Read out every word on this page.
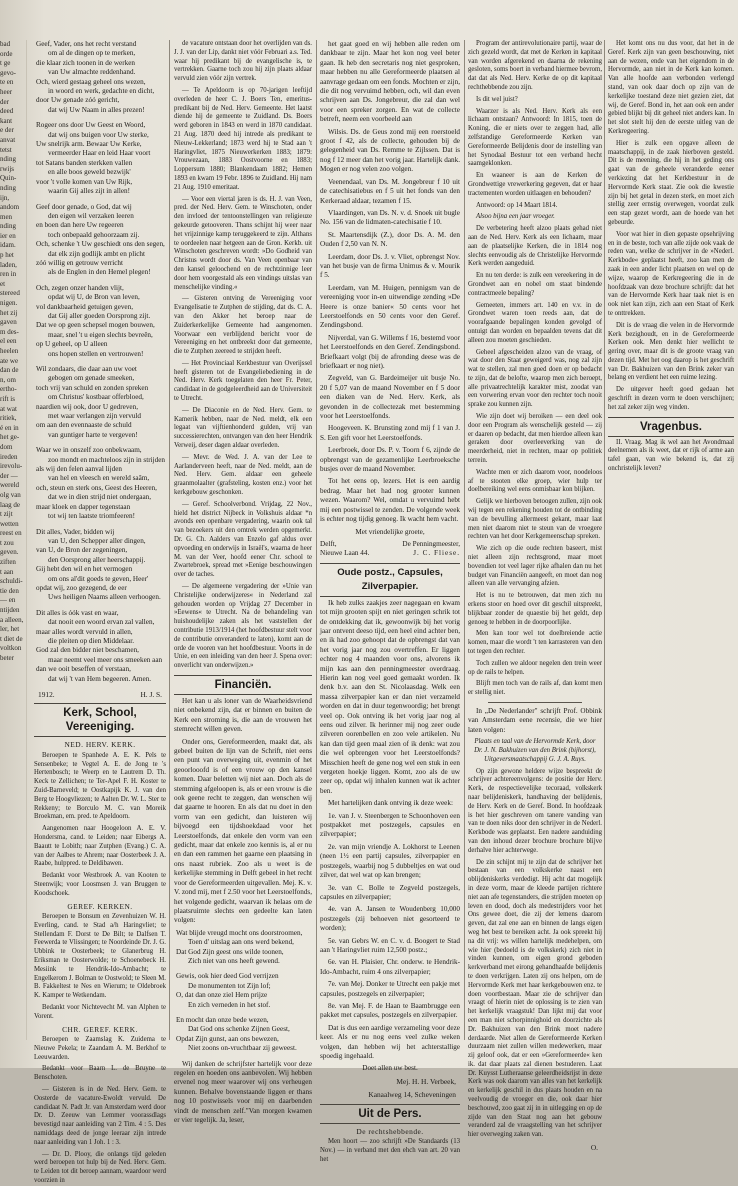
bad
orde
t ge
gevo-
te en
heer
der
deed
kant
e der
anvat
tetst
nding
rwijs
Quin-
nding
ijn,
andom
men
nding
ier en
idam.
p het
laden,
ren in
et
stereed
nigen.
het zij
gaven
m des-
el een
heelen
ate we
dan de
n, om
ertho-
rift is
at wat
ritiek,
é en in
het ge-
dom
ireden
irevolu-
der —
wereld
olg van
laag de
t zijt
wetten
reest en
t zou
geven.
ziften
t aan
schuldi-
tie den
— en
ntijden
a alleen,
ler, het
t diet de
voltkon
beter
Geef, Vader, ons het recht verstand
om al de dingen op te merken,
die klaar zich toonen in de werken
van Uw almachte reddenhand.
Och, wierd gestaag geheel ons wezen,
in woord en werk, gedachte en dicht,
door Uw genade zóó gericht,
dat wij Uw Naam in alles prezen!
Rogeer ons door Uw Geest en Woord,
dat wij ons buigen voor Uw sterke,
Uw snelrijk arm. Bewaar Uw Kerke,
vermeerder Haar en leid Haar voort
tot Satans banden sterkken vallen
en alle boos geweld bezwijk'
voor 't volle komen van Uw Rijk,
waarin Gij alles zijt in allen!
Geef door genade, o God, dat wij
den eigen wil verzaken leeren
en boen dan here Uw regeeren
toch onbepaald gehoorzaam zij.
Och, schenke 't Uw geschiedt ons den segen,
dat elk zijn godlijk ambt en plicht
zóó willig en getrouw verricht
als de Englen in den Hemel plegen!
Och, zegen onzer handen vlijt,
opdat wij U, de Bron van leven,
vol dankbaarheid getuigen geven,
dat Gij aller goeden Oorsprong zijt.
Dat we op geen schepsel mogen bouwen,
maar, snel 't u eigen slechts bevreên,
op U geheel, op U alleen
ons hopen stellen en vertrouwen!
Wil zondaars, die daar aan uw voet
gebogen om genade smeeken,
toch vrij van schuld en zonden spreken
om Christus' kostbaar offerbloed,
naardien wij ook, door U gedreven,
met waar verlangen zijn vervuld
om aan den evennaaste de schuld
van guntiger harte te vergeven!
Waar we in onszelf zoo onbekwaam,
zoo mondt en machteloos zijn in strijden
als wij den felen aanval lijden
van hel en vleesch en wereld saâm,
och, steun en sterk ons, Geest des Heeren,
dat we in dien strijd niet ondergaan,
maar kloek en dapper tegenstaan
tot wij ten laatste triomfeeren!
Dit alles, Vader, bidden wij
van U, den Schepper aller dingen,
van U, de Bron der zegeningen,
den Oorsprong aller heerschappij.
Gij hebt den wil en het vermogen
om ons al'dit goeds te geven, Heer'
opdat wij, zoo gezegend, de eer
Uws heiligen Naams alleen verhoogen.
Dit alles is óók vast en waar,
dat nooit een woord ervan zal vallen,
maar alles wordt vervuld in allen,
die pleiten op dien Middelaar.
God zal den bidder niet beschamen,
maar neemt veel meer ons smeeken aan
dan we ooit beseffen of verstaan,
dat wij 't van Hem begeeren. Amen.
1912.	H. J. S.
Kerk, School, Vereeniging.
NED. HERV. KERK.

Beroepen te Spanhede A. E. K. Pels te Sensenbeke; te Vegtel A. E. de Jong te 's Hertenbosch; te Weerp en te Lautrem D. Th. Keck te Zellichen; te Ter-Apel F. H. Koster te Zuid-Barneveld; te Oostkapijk K. J. van den Berg te Hoogvliezen; te Aalten Dr. W. L. Ster te Rekkeny; te Borculo M. C. van Moreik Broekman, em. pred. te Apeldoorn.

Aangenomen naar Hoogeloon A. E. V. Hondersma, cand. te Leiden; naar Eibergs A. Baautt te Lobith; naar Zutphen (Evang.) C. A. van der Aalbes te Ahrem; naar Oosterbeek J. A. Raabe, hulppred. te Deldibawen.

Bedankt voor Westbroek A. van Kooten te Steenwijk; voor Loosmsen J. van Bruggen te Koodschoek.

GEREF. KERKEN.

Beroepen te Bonsum en Zevenhuizen W. H. Everling, cand. te Stad a/h Haringvliet; te Stellendam F. Dorst te De Bilt; te Dalfsen T. Feewerda te Vlissingen; te Noordeinde Dr. J. G. Ubbink te Oosterbeek; te Glanerbrug H. Eriksman te Oosterwolde; te Schoenebeck H. Mesiink te Hendrik-Ido-Ambacht; te Engelkerom J. Bolman te Oostwold; te Sleen M. B. Fakkeltest te Nes en Wierum; te Oldebroek K. Kamper te Wetkendam.

Bedankt voor Nichtevecht M. van Alphen te Vorent.

CHR. GEREF. KERK.

Beroepen te Zaamslag K. Zuidema te Nieuwe Pekela; te Zaandam A. M. Berkhof te Leeuwarden.

Bedankt voor Baarn L. de Bruyne te Benschoten.

— Gisteren is in de Ned. Herv. Gem. te Oosterde de vacature-Ewoldt vervuld. De candidaat N. Padt Jr. van Amsterdam werd door Dr. D. Zeeuw van Lemmer voorassdlags bevestigd naar aanleiding van 2 Tim. 4 : 5. Des namiddags deed de jonge leeraar zijn intrede naar aanleiding van 1 Joh. 1 : 3.

— Dr. D. Plooy, die onlangs tijd geleden werd beroepen tot hulp bij de Ned. Herv. Gem. te Leiden tot dit beroep aannam, waardoor werd voorzien in

de vacature ontstaan door het overlijden van ds. J. J. van der Lip, dankt niet vóór Februari a.s. Ted. waar hij predikant bij de evangelische is, te vertrekken. Gaarne toch zou hij zijn plaats aldaar vervuld zien vóór zijn vertrek.

— Te Apeldoorn is op 70-jarigen leeftijd overleden de heer C. J. Boers Ten, emeritus-predikant bij de Ned. Herv. Gemeente. Het laatst diende hij de gemeente te Zuidland. Ds. Boers werd geboren in 1843 en werd in 1870 candidaat. 21 Aug. 1870 deed hij intrede als predikant te Nieuw-Lekkerland; 1873 werd hij te Stad aan 't Haringvliet, 1875 Nieuwerkerken 1883; 1879: Vrouwezaan, 1883 Oostvoorne en 1883; Loppersum 1880; Blankendaam 1882; Hemen 1893 en kwam 19 Febr. 1896 te Zuidland. Hij nam 21 Aug. 1910 emeritaat.

— Voor een viertal jaren is ds. H. J. van Veen, pred. der Ned. Herv. Gem. te Winschoten, onder den invloed der tentoonstellingen van religieuze gekeurde getooveren. Thans schijnt hij weer naar het vrijzinnige kamp teruggekeerd te zijn. Althans te oordeelen naar hetgeen aan de Gron. Kerkb. uit Winschoten geschreven wordt: »Do Godheid van Christus wordt door ds. Van Veen openbaar van den kansel geloochend en de rechtzinnige leer door hem voorgestald als een vindings uitslas van menschelijke vinding.«

— Gisteren ontving de Vereeniging voor Evangelisatie te Zutphen de stijding, dat ds. C. A. van den Akker het beroep naar de Zuiderkerkelijke Gemeente had aangenomen. Voorwaar een verblijdend bericht voor de Vereeniging en het ontbreekt door dat gemeente, die te Zutphen zeereed te strijden heeft.

— Het Provinciaal Kerkbestuur van Overijssel heeft gisteren tot de Evangeliebediening in de Ned. Herv. Kerk toegelaten den heer Fr. Peter, candidaat in de godgeleerdheid aan de Universiteit te Utrecht.

— De Diaconie en de Ned. Herv. Gem. te Kamerik hebben, naar de Ned. meldt, elk een legaat van vijftienhonderd gulden, vrij van successierechten, ontvangen van den heer Hendrik Verweij, deser dagen aldaar overleden.

— Mevr. de Wed. J. A. van der Lee te Aarlanderveen heeft, naar de Ned. meldt, aan de Ned. Herv. Gem. aldaar een geheele graanmolaalter (grafsteling, kosten enz.) voor het kerkgebouw geschonken.

— Geref. Schoolverbond. Vrijdag, 22 Nov., hield het district Nijbeck in Volkshuis aldaar *n avonds een openbare vergadering, waarin ook tal van bezoekers uit den omtrek werden opgemerkt. Dr. G. Ch. Aalders van Enzelo gaf aldus over opvoeding en onderwijs in Israël's, waarna de heer M. van der Veer, hoofd eener Chr. school te Zwartebroek, spread met »Eenige beschouwingen over de taches.

— De algemeene vergadering der »Unie van Christelijke onderwijzeres« in Nederland zal gehouden worden op Vrijdag 27 December in »Eewens« te Utrecht. Na de behandeling van huishoudelijke zaken als het vaststellen der contributie 1913/1914 (het hoofdbestuur stelt voor de contributie onveranderd te laten), komt aan de orde de vooren van het hoofdbestuur. Voorts in de Unie, en een inleiding van den heer J. Spena over: onverlicht van onderwijzen.»

Financiën.

Het kan u als loner van de Waarheidsvriend niet onbekend zijn, dat er binnen en buiten de Kerk een stroming is, die aan de vrouwen het stemrecht willen geven.

Onder ons, Gereformeerden, maakt dat, als gebeel buiten de lijn van de Schrift, niet eens een punt van overweging uit, evenmin of het geoorlooofd is of een vrouw op den kansel komen. Daar beletten wij niet aan. Doch als de stemming afgeloopen is, als er een vrouw is die ook geene recht te zeggen, dan wenschen wij dat gaarne te hooren. En als dat nu doet in den vorm van een gedicht, dan luisteren wij bijvoegd een tijdshoekdaad voor het Leerstoelfonds, dat enkele den vorm van een gedicht, maar dat enkele zoo kennis is, al er nu en dan een rammen het gaarne een plaatsing in ons naast rubriek. Zoo als u weet is de kerkelijke stemming in Delft gebeel in het recht voor de Gereformeerden uitgevallen. Mej. K. v. V. zond mij, met f 2.50 voor het Leerstoelfonds, het volgende gedicht, waarvan ik helaas om de plaatsruimte slechts een gedeelte kan laten volgen:

Wat blijde vreugd mocht ons doorstroomen,
Toen d' uitslag aan ons werd bekend,
Dat God Zijn geest ons wilde toonen,
Zich niet van ons heeft gewend.
Gewis, ook hier deed God verrijzen
De monumenten tot Zijn lof;
O, dat dan onze ziel Hem prijze
En zich verneden in het stof.
En mocht dan onze bede wezen,
Dat God ons schenke Zijnen Geest,
Opdat Zijn gunst, aan ons bewezen,
Niet zoons on-vruchtbaar zij geweest.

Wij danken de schrijfster hartelijk voor deze regelen en hoeden ons aanbevolen. Wij hebben ervenel nog meer waarover wij ons verheugen kunnen. Behalve bovenstaande liggen er thans nog 10 postwissels voor mij en daarbenden vindt de menschen zelf."Van morgen kwamen er vier tegelijk. Ja, leser,

het gaat goed en wij hebben alle reden om dankbaar te zijn. Maar het kon nog veel beter gaan. Ik heb den secretaris nog niet gesproken, maar hebben nu alle Gereformeerde plaatsen al aanvrage gedaan om een fonds. Mochten er zijn, die dit nog vervuimd hebben, och, wil dan even schrijven aan Ds. Jongebreur, die zal dan wel voor een spreker zorgen. En wat de collecte betreft, neem een voorbeeld aan

Wilsis. Ds. de Geus zond mij een roerstoeld groot f 42, als de collecte, gehouden bij de gelegenheid van Ds. Remme te Zijlssen. Dat is nog f 12 meer dan het vorig jaar. Hartelijk dank. Mogen er nog velen zoo volgen.

Veenendaal, van Ds. M. Jongebreur f 10 uit de catechisatiebus en f 5 uit het fonds van den Kerkeraad aldaar, tezamen f 15.

Vlaardingen, van Ds. N. v. d. Snoek uit bugle No. 156 van de lidmaten-catechisatie f 10.

St. Maartensdijk (Z.), door Ds. A. M. den Ouden f 2,50 van N. N.

Leerdam, door Ds. J. v. Vliet, opbrengst Nov. van het busje van de firma Unimus & v. Mourik f 5.

Leerdam, van M. Huigen, pennigsm van de vereeniging voor in-en uitwendige zending »De Heere is onze banier« 50 cents voor het Leerstoelfonds en 50 cents voor den Geref. Zendingsbond.

Nijverdal, van G. Willems f 16, bestemd voor het Leerstoelfonds en den Geref. Zendingsbond. Briefkaart volgt (bij de afronding deese was de briefkaart er nog niet).

Zegveld, van G. Bardeimeijer uit busje No. 20 f 5,07 van de maand November en f 5 door een diaken van de Ned. Herv. Kerk, als gevonden in de collectezak met bestemming voor het Leerstoelfonds.

Hoogeveen. K. Brunsting zond mij f 1 van J. S. Een gift voor het Leerstoelfonds.

Leerbroek, door Ds. P. v. Toorn f 6, zijnde de opbrengst van de gezamenlijke Leerbroeksche busjes over de maand November.

Tot het eens op, lezers. Het is een aardig bedrag. Maar het had nog grooter kunnen wezen. Waarom? Wel, omdat u vervuimd hebt mij een postwissel te zenden. De volgende week is echter nog tijdig genoeg. Ik wacht hem vacht.

Met vriendelijke groete,

Delft,	De Penningmeester,
Nieuwe Laan 44.	J. C. Fliese.
Oude postz., Capsules, Zilverpapier.

Ik heb zulks zaakjes zeer nagegaan en kwam tot mijn grooten spijt en niet geringen schrik tot de ontdekking dat ik, gewoonwijk bij het vorig jaar ontvent deeso tijd, een heel eind achter ben, en ik had zoo gehoopt dat de opbrengst dat van het vorig jaar nog zou overtreffen. Er liggen echter nog 4 maanden voor ons, alvorens ik mijn kas aan den penningmeester overdraag. Hierin kan nog veel goed gemaakt worden. Ik denk b.v. aan den St. Nicolaasdag. Welk een massa zilverpapier kan er dan niet verzameld worden en dat in duur tegenwoordig; het brengt veel op. Ook ontving ik het vorig jaar nog al eens oud zilver. Ik herinner mij nog zeer oude zilveren oorenbellen en zoo vele artikelen. Nu kan dan tijd geen maal zien of ik denk: wat zou die wel opbrengen voor het Leerstoelfonds? Misschien heeft de gene nog wel een stuk in een vergeten hoekje liggen. Komt, zoo als de uw zeer op, opdat wij inhalen kunnen wat ik achter ben.

Met hartelijken dank ontving ik deze week:

1e. van J. v. Steenbergen te Schoonhoven een postpakket met postzegels, capsules en zilverpapier;

2e. van mijn vriendje A. Lokhorst te Leenen (neen 1½ een partij capsules, zilverpapier en postzegels, waarbij nog 5 dubbeltjes en wat oud zilver, dat wel wat op kan brengen;

3e. van C. Bolle te Zegveld postzegels, capsules en zilverpapier;

4e. van A. Jansen te Woudenberg 10,000 postzegels (zij behoeven niet gesorteerd te worden);

5e. van Gebrs W. en C. v. d. Boogert te Stad aan 't Haringvliet ruim 12,500 postz.;

6e. van H. Plaisier, Chr. onderw. te Hendrik-Ido-Ambacht, ruim 4 ons zilverpapier;

7e. van Mej. Donker te Utrecht een pakje met capsules, postzegels en zilverpapier;

8e. van Mej. F. de Haan te Baambrugge een pakket met capsules, postzegels en zilverpapier.

Dat is dus een aardige verzameling voor deze keer. Als er nu nog eens veel zulke weken volgen, dan hebben wij het achterstallige spoedig ingehaald.

Doet allen uw best.

Mej. H. H. Verbeek,
Kanaalweg 14, Scheveningen
Uit de Pers.
De rechtshebbende.

Men hoort — zoo schrijft »De Standaards (13 Nov.) — in verband met den ehch van art. 20 van het

Program der antirevolutionaire partij, waar de zich gezeld wordt, dat met de Kerken in kapitaal van worden afgerekend en daarna de rekening gesloten, soms boert in verband hiermee bevrom, dat dat als Ned. Herv. Kerke de op dit kapitaal rechthebbende zou zijn.

Is dit wel juist?

Waarzer is als Ned. Herv. Kerk als een lichaam ontstaan? Antwoord: In 1815, toen de Koning, die er niets over te zeggen had, alle zelfstandige Gereformeerde Kerken van Gereformeerde Belijdenis door de instelling van het Synodaal Bestuur tot een verband hecht saamgeklonken.

En waaneer is aan de Kerken de Grondwettige vrewerkering gegeven, dat er haar tractementen worden uitlaagen en behouden?

Antwoord: op 14 Maart 1814.

Alsoo bijna een jaar vroeger.

De verbetering heeft alzoo plaats gehad niet aan de Ned. Herv. Kerk als een lichaam, maar aan de plaatselijke Kerken, die in 1814 nog slechts eenvoudig als de Christelijke Hervormde Kerk werden aangeduid.

En nu ten derde: is zulk een vereekering in de Grondwet aan en nobel om staat bindende contractmeele bepaling?

Gemeeten, immers art. 140 en v.v. in de Grondwet waren toen reeds aan, dat de voorafgaande bepalingen konden gevolgd of ontuigt dan worden en bepaalden tevens dat dit alleen zou moeten geschieden.

Geheel afgescheiden alzoo van de vraag, of wat door den Staat geweigerd was, nog zal zijn wat te stellen, zal men goed doen er op bedacht te zijn, dat de belofte, waarop men zich beroept, alle privaatrechtelijk karakter mist, zoodat van een vorwering ervan voor den rechter toch nooit sprake zou kunnen zijn.

Wie zijn doet wij beroiken — een deel ook door een Program als wenschelijk gesteld — zij er daaren op bedacht, dat men hierdoe alleen kan geraken door overleeverking van de meerderheid, niet in rechten, maar op politiek terrein.

Wachte men er zich daarom voor, noodeloos af te stooten elke groep, wier hulp ter doelbereiking wel eens onmisbaar kon blijken.

Gelijk we hierboven betoogen zullen, zijn ook wij tegen een rekening houden tot de ontbinding van de bevulling allermeest gekant, maar laat men niet daarom niet te steun van de vroegere rechten van het door Kerkgemeenschap spreken.

Wie zich op die oude rechten baseert, mist niet alleen zijn rechtsgrond, maar moet bovendien tot veel lager rijke afhalen dan nu het budget van Financiën aangeeft, en moet dan nog alleen van alle vervanging afzien.

Het is nu te betrouwen, dat men zich nu erkens stoor en hoed over dit geschil uitspreekt, blijkbaar zonder de quaestie bij het geldt, dep genoeg te hebben in de doorpoorlijke.

Men kan toor wel tot doelbreiende actie komen, maar die wordt 't ten karrasteren van den tot tegen den rechter.

Toch zullen we aldoor negelen den trein weer op de rails te helpen.

Blijft men toch van de rails af, dan komt men er stellig niet.

In „De Nederlander" schrijft Prof. Obbink van Amsterdam eene recensie, die we hier laten volgen:

Plaats en taal van de Hervormde Kerk, door Dr. J. N. Bakhuizen van den Brink (bijhorst), Uitgeversmaatschappij G. J. A. Ruys.

Op zijn gewone heldere wijze bespreekt de schrijver achtereenvolgens: de positie der Herv. Kerk, de respectievelijke tecoraad, volkskerk naar belijdeniskerk, handhaving der belijdenis, de Herv. Kerk en de Geref. Bond. In hoofdzaak is het hier geschreven om tanere vanding van van te doen niks door den schrijver in de Nederl. Kerkbode was geplaatst. Een nadere aanduiding van den inhoud dezer brochure brochure blijve derhalve hier achterwege.

De zin schijnt mij te zijn dat de schrijver het bestaan van een volkskerke naast een oblijdeniskerks verdedigt. Hij acht dat mogelijk in deze vorm, maar de kleede partijen richtere niet aan afe tegenstanders, die strijden moeten op leven en dood, doch als medestrijders voor het Ons gewee doet, die zij der lemens daarom geven, dat zal ene aan en binnen de langs eigen weg het best te bereiken acht. Ja ook spreekt hij na dit vrij: ws willen hartelijk medehelpen, om wie hier (bedoeld is de volkskerk) zich niet in vinden kunnen, om eigen grond geboden kerkverband met eirong gehandhaafde belijdenis te doen verkrijgen. Laten zij ons helpen, om de Hervormde Kerk met haar kerkgebouwen enz. te doen voortbestaan. Maar zie de schrijver dan vraagt of hierin niet de oplossing is te zien van het kerkelijk vraagstuk! Dan lijkt mij dat voor een man niet schorpinnighoid en doorzichte als Dr. Bakhuizen van den Brink moet nadere derdaarde. Niet allen de Gereformeerde Kerken duurzaam niet zullen willen medewerken, maar zij geloof ook, dat er een »Gereformeerde« ken ik. dat daar plaats zal dienen bestuderen. Laat Dr. Kuysst Lutheraanse geleerdheidsrijst in deze Kerk was ook daarom van alles van het kerkelijk en kerkelijk geschil in dus plaats houden en na veelvoudig de vroeger en die, ook daar hier beschouwd, zoo gaat zij in in uitlegging en op de zijde van den Staat nog aan het gebouw veranderd zal de vraagstelling van het schrijver hier overweging zaken van.

O.

Het komt ons nu dus voor, dat het in de Geref. Kerk zijn van geen beschouwing, niet aan de wezen, ende van het eigendom in de Hervormde, aan niet in de Kerk kan komen. Van alle hoofde aan verbonden verlengd stand, van ook daar doch op zijn van de kerkelijke toestand deze niet gezien ziet, dat wij, de Geref. Bond in, het aan ook een ander gebied blijkt bij dit geheel niet anders kan. In het slot stelt hij den de eerste uitleg van de Kerkregeering.

Hier is zulk een opgave alleen de maatschappij, in de zaak hierboven gesteld. Dit is de meening, die hij in het geding ons gaat van de geheele veranderde eener verkiezing dat het Kerkbestuur in de Hervormde Kerk staat. Zie ook die kwestie zijn bij het getal in dezen sterk, en moet zich stellig zeer ernstig overwegen, voordat zulk een stap gezet wordt, aan de hoede van het gebeurde.

Voor wat hier in dien gepaste opsehrijving en in de beste, toch van alle zijde ook vaak de reden van, welke de schrijver in de »Nederl. Kerkbode« geplaatst heeft, zoo kan men de zaak in een ander licht plaatsen en wel op de wijze, waarop de Kerkregeering die in de hoofdzaak van deze brochure schrijft: dat het van de Hervormde Kerk haar taak niet is en ook niet kan zijn, zich aan een Staat of Kerk te onttrekken.

Dit is de vraag die velen in de Hervormde Kerk bezighoudt, en in de Gereformeerde Kerken ook. Men denkt hier wellicht te gering over, maar dit is de groote vraag van dezen tijd. Met het oog daarop is het geschrift van Dr. Bakhuizen van den Brink zeker van belang en verdient het een ruime lezing.

De uitgever heeft goed gedaan het geschrift in dezen vorm te doen verschijnen; het zal zeker zijn weg vinden.

Vragenbus.

II. Vraag. Mag ik wel aan het Avondmaal deelnemen als ik weet, dat er rijk of arme aan tafel gaan, van wie bekend is, dat zij onchristelijk leven?
